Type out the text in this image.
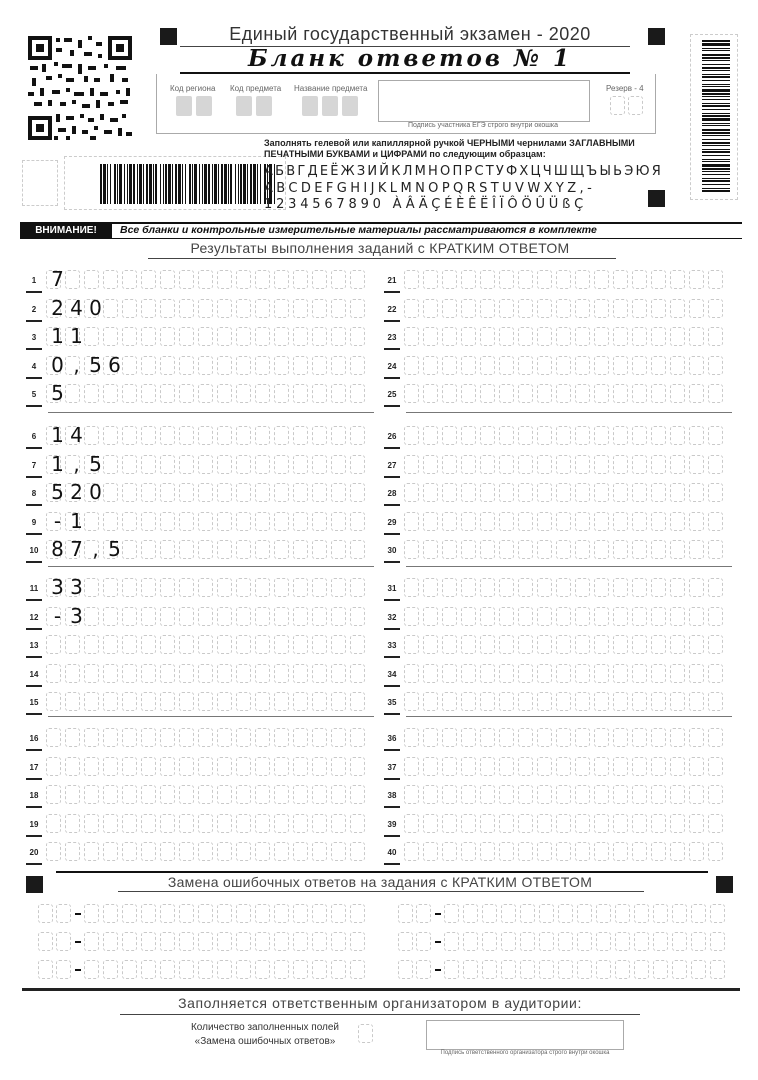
Единый государственный экзамен - 2020
Бланк ответов № 1
Код региона Код предмета Название предмета
Подпись участника ЕГЭ строго внутри окошка
Резерв - 4
Заполнять гелевой или капиллярной ручкой ЧЕРНЫМИ чернилами ЗАГЛАВНЫМИ ПЕЧАТНЫМИ БУКВАМИ и ЦИФРАМИ по следующим образцам:
АБВГДЕЁЖЗИЙКЛМНОПРСТУФХЦЧШЩЪЫЬЭЮЯ
ABCDEFGHIJKLMNOPQRSTUVWXYZ,-
1234567890 ÀÂÄÇÉÈÊËÎÏÔÖÛÜßÇ
ВНИМАНИЕ!	Все бланки и контрольные измерительные материалы рассматриваются в комплекте
Результаты выполнения заданий с КРАТКИМ ОТВЕТОМ
1 7
2 2 4 0
3 1 1
4 0 , 5 6
5 5
6 1 4
7 1 , 5
8 5 2 0
9 - 1
10 8 7 , 5
11 3 3
12 - 3
13
14
15
16
17
18
19
20
21
22
23
24
25
26
27
28
29
30
31
32
33
34
35
36
37
38
39
40
Замена ошибочных ответов на задания с КРАТКИМ ОТВЕТОМ
Заполняется ответственным организатором в аудитории:
Количество заполненных полей
«Замена ошибочных ответов»
Подпись ответственного организатора строго внутри окошка
